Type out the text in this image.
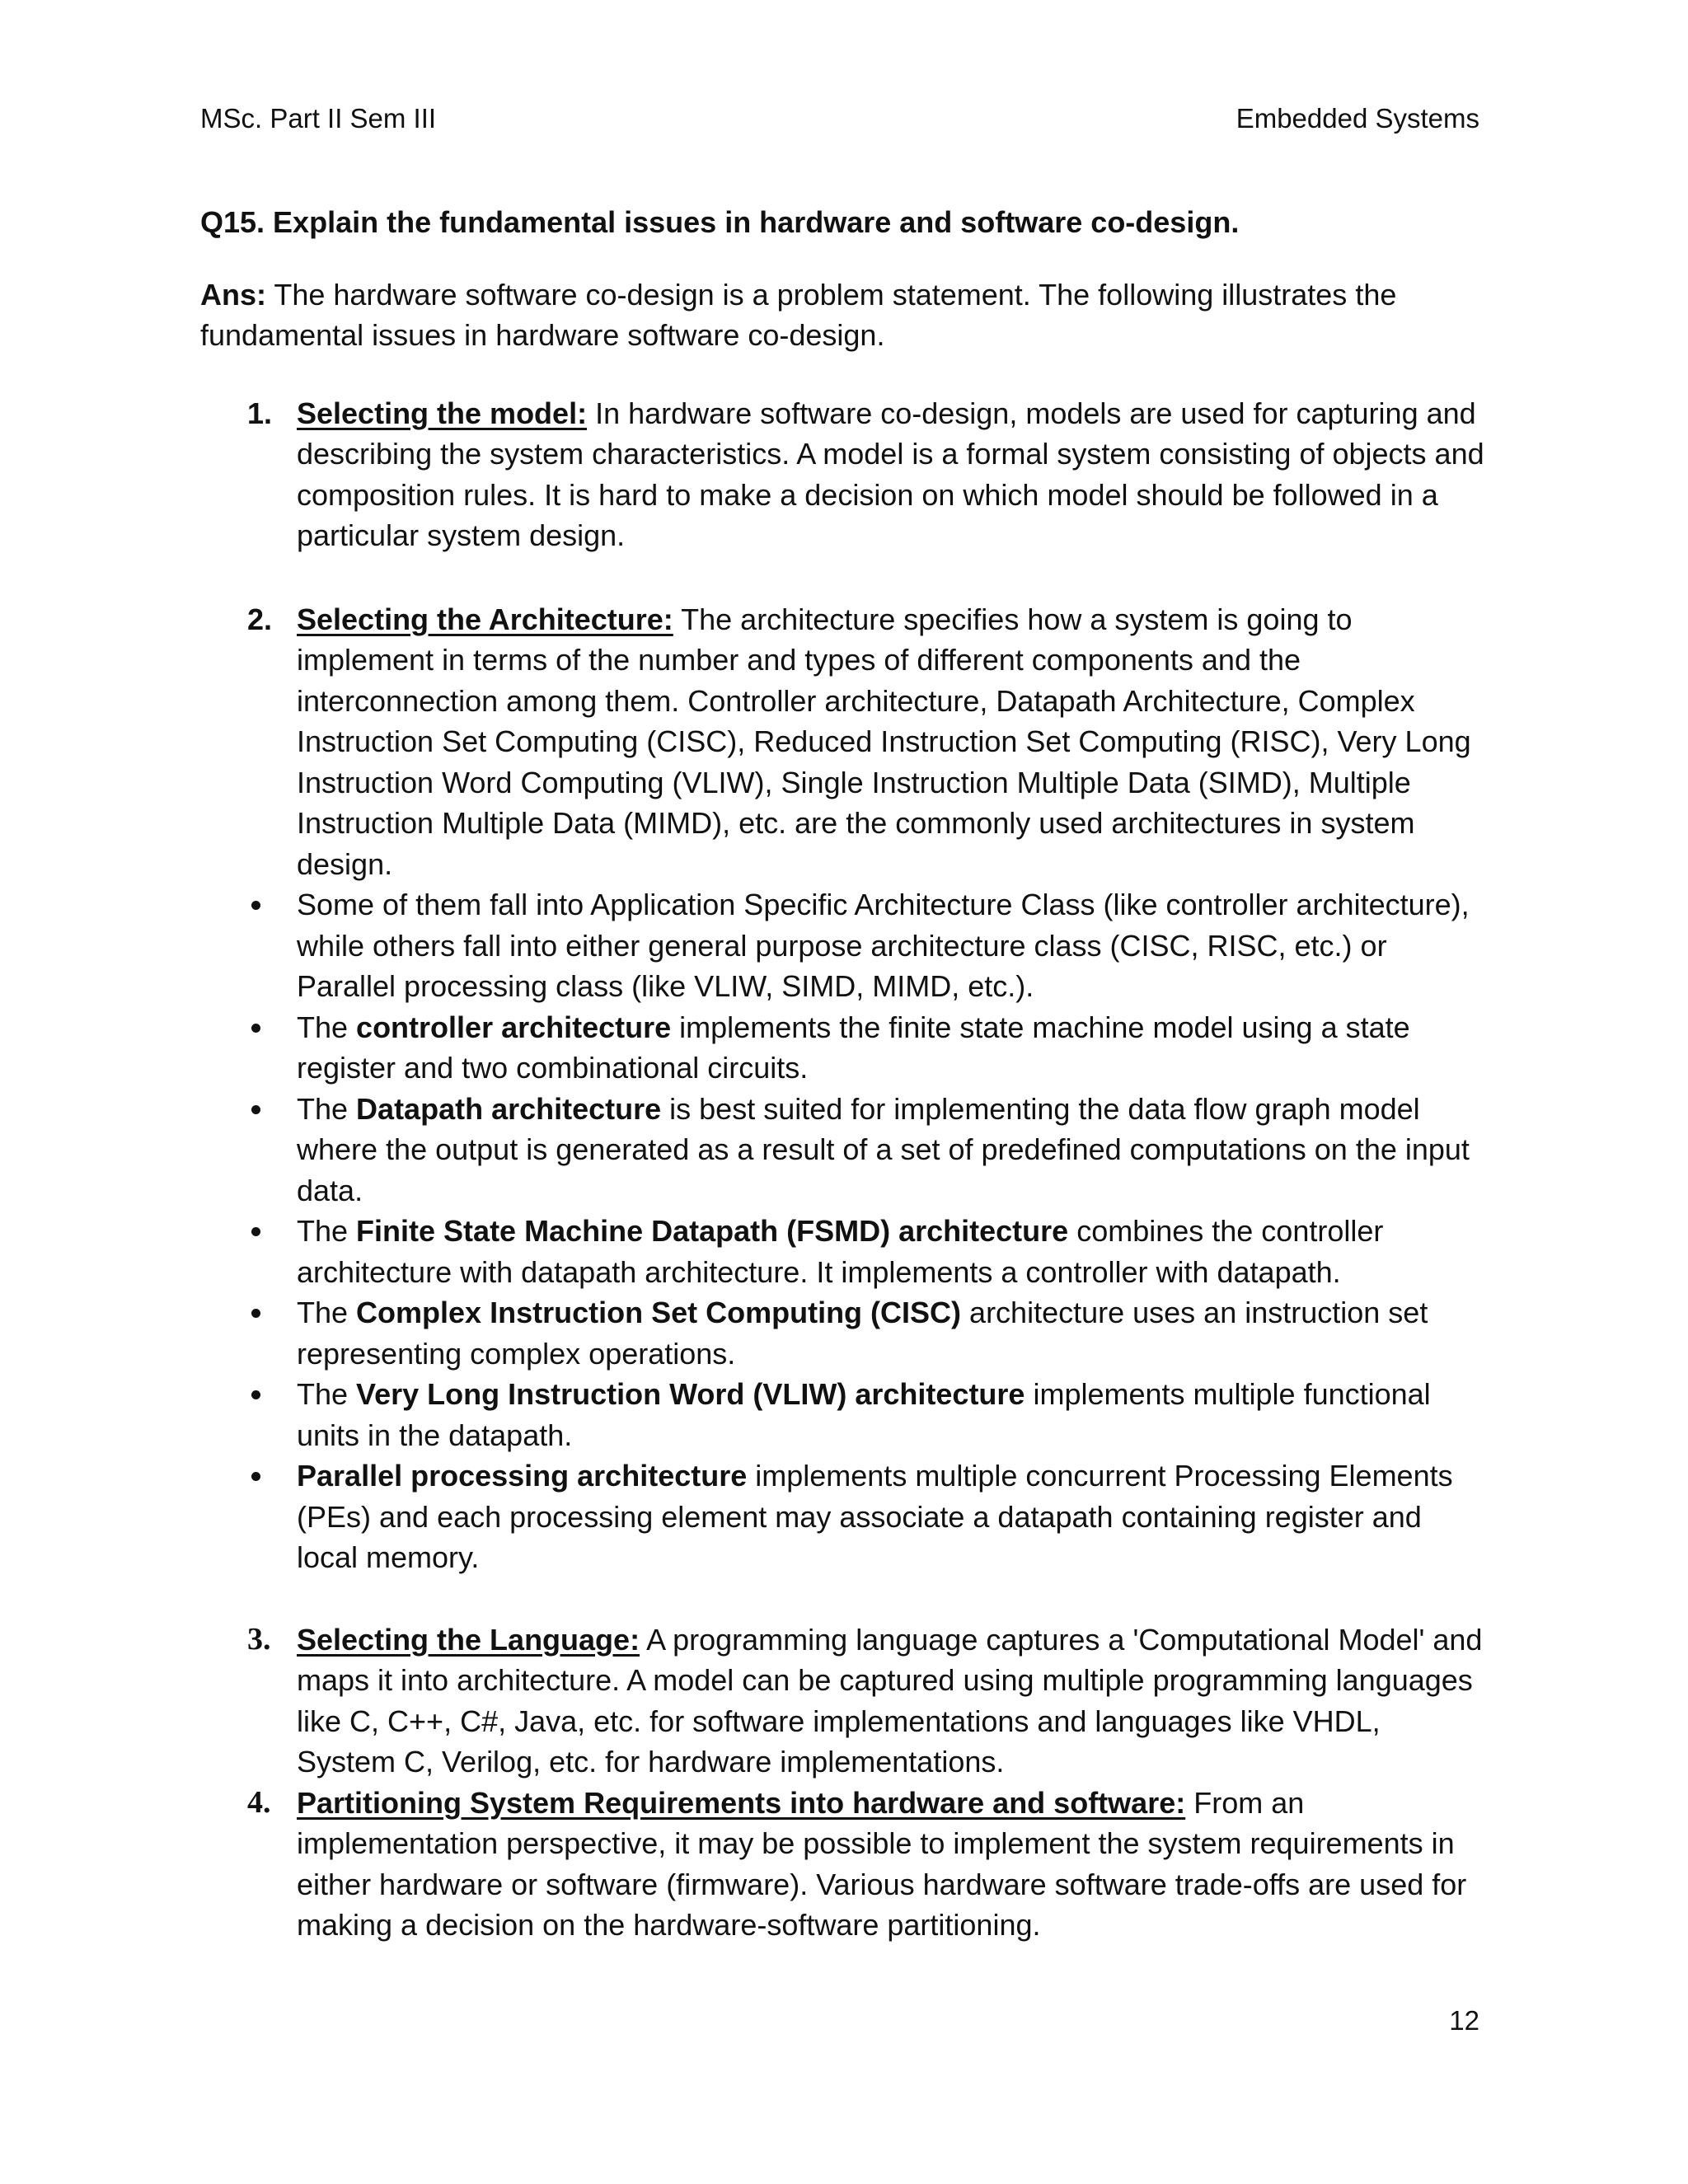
MSc. Part II Sem III	Embedded Systems

Q15. Explain the fundamental issues in hardware and software co-design.

Ans: The hardware software co-design is a problem statement. The following illustrates the fundamental issues in hardware software co-design.

1. Selecting the model: In hardware software co-design, models are used for capturing and describing the system characteristics. A model is a formal system consisting of objects and composition rules. It is hard to make a decision on which model should be followed in a particular system design.

2. Selecting the Architecture: The architecture specifies how a system is going to implement in terms of the number and types of different components and the interconnection among them. Controller architecture, Datapath Architecture, Complex Instruction Set Computing (CISC), Reduced Instruction Set Computing (RISC), Very Long Instruction Word Computing (VLIW), Single Instruction Multiple Data (SIMD), Multiple Instruction Multiple Data (MIMD), etc. are the commonly used architectures in system design.

Some of them fall into Application Specific Architecture Class (like controller architecture), while others fall into either general purpose architecture class (CISC, RISC, etc.) or Parallel processing class (like VLIW, SIMD, MIMD, etc.).

The controller architecture implements the finite state machine model using a state register and two combinational circuits.

The Datapath architecture is best suited for implementing the data flow graph model where the output is generated as a result of a set of predefined computations on the input data.

The Finite State Machine Datapath (FSMD) architecture combines the controller architecture with datapath architecture. It implements a controller with datapath.

The Complex Instruction Set Computing (CISC) architecture uses an instruction set representing complex operations.

The Very Long Instruction Word (VLIW) architecture implements multiple functional units in the datapath.

Parallel processing architecture implements multiple concurrent Processing Elements (PEs) and each processing element may associate a datapath containing register and local memory.

3. Selecting the Language: A programming language captures a 'Computational Model' and maps it into architecture. A model can be captured using multiple programming languages like C, C++, C#, Java, etc. for software implementations and languages like VHDL, System C, Verilog, etc. for hardware implementations.

4. Partitioning System Requirements into hardware and software: From an implementation perspective, it may be possible to implement the system requirements in either hardware or software (firmware). Various hardware software trade-offs are used for making a decision on the hardware-software partitioning.

12
